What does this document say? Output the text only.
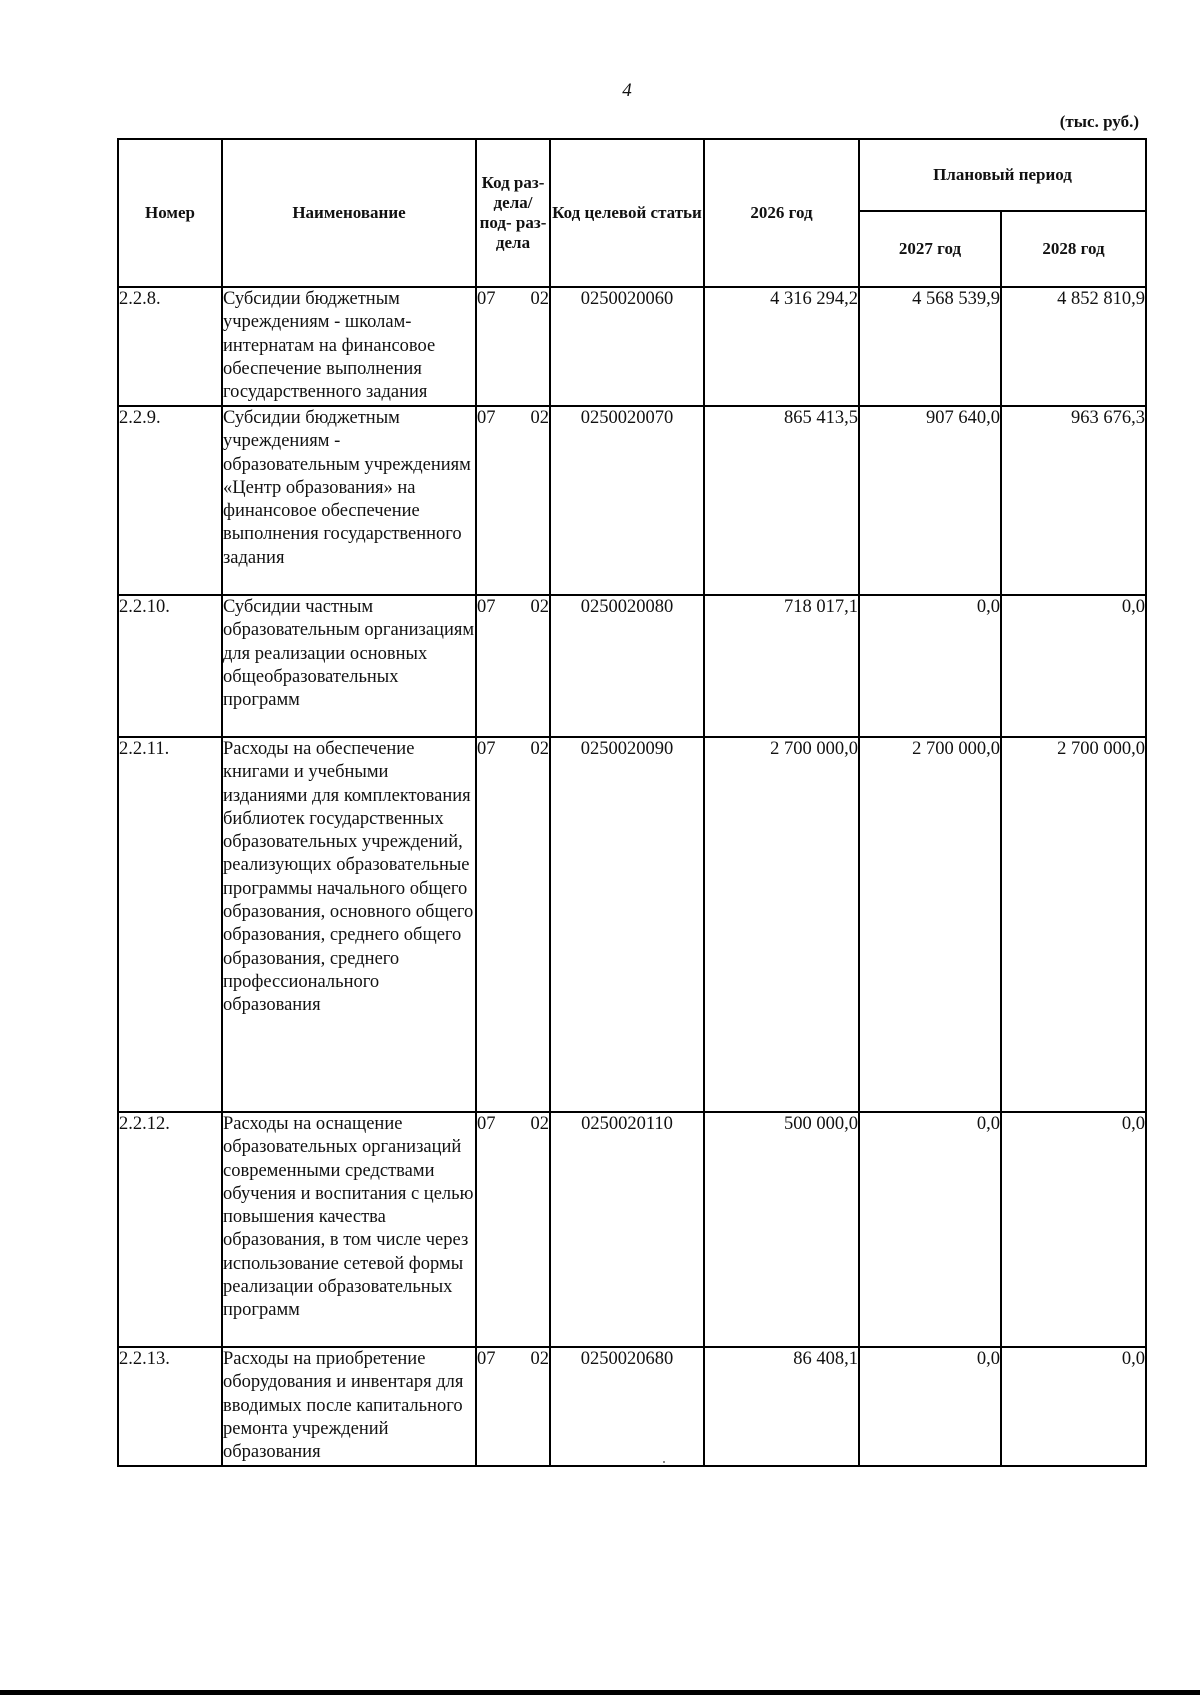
4
(тыс. руб.)
Номер	Наименование	Код раз- дела/ под- раз- дела	Код целевой статьи	2026 год	Плановый период	
					2027 год	2028 год
2.2.8.	Субсидии бюджетным учреждениям - школам-интернатам на финансовое обеспечение выполнения государственного задания	07 02	0250020060	4 316 294,2	4 568 539,9	4 852 810,9
2.2.9.	Субсидии бюджетным учреждениям - образовательным учреждениям «Центр образования» на финансовое обеспечение выполнения государственного задания	07 02	0250020070	865 413,5	907 640,0	963 676,3
2.2.10.	Субсидии частным образовательным организациям для реализации основных общеобразовательных программ	07 02	0250020080	718 017,1	0,0	0,0
2.2.11.	Расходы на обеспечение книгами и учебными изданиями для комплектования библиотек государственных образовательных учреждений, реализующих образовательные программы начального общего образования, основного общего образования, среднего общего образования, среднего профессионального образования	07 02	0250020090	2 700 000,0	2 700 000,0	2 700 000,0
2.2.12.	Расходы на оснащение образовательных организаций современными средствами обучения и воспитания с целью повышения качества образования, в том числе через использование сетевой формы реализации образовательных программ	07 02	0250020110	500 000,0	0,0	0,0
2.2.13.	Расходы на приобретение оборудования и инвентаря для вводимых после капитального ремонта учреждений образования	07 02	0250020680	86 408,1	0,0	0,0
